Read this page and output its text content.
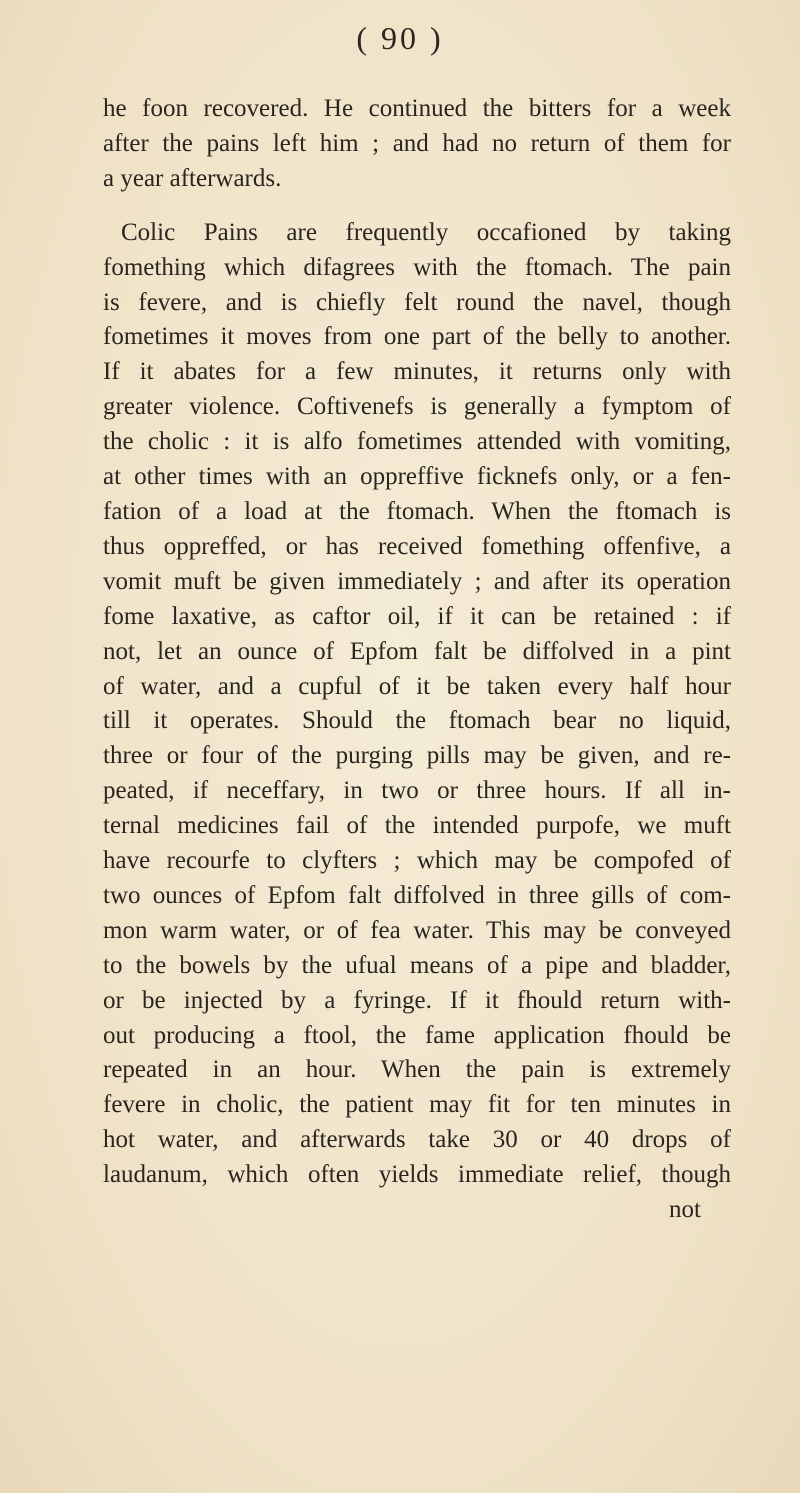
( 90 )
he foon recovered. He continued the bitters for a week
after the pains left him ; and had no return of them for
a year afterwards.
Colic Pains are frequently occafioned by taking
fomething which difagrees with the ftomach. The pain
is fevere, and is chiefly felt round the navel, though
fometimes it moves from one part of the belly to another.
If it abates for a few minutes, it returns only with
greater violence. Coftivenefs is generally a fymptom of
the cholic : it is alfo fometimes attended with vomiting,
at other times with an oppreffive ficknefs only, or a fen-
fation of a load at the ftomach. When the ftomach is
thus oppreffed, or has received fomething offenfive, a
vomit muft be given immediately ; and after its operation
fome laxative, as caftor oil, if it can be retained : if
not, let an ounce of Epfom falt be diffolved in a pint
of water, and a cupful of it be taken every half hour
till it operates. Should the ftomach bear no liquid,
three or four of the purging pills may be given, and re-
peated, if neceffary, in two or three hours. If all in-
ternal medicines fail of the intended purpofe, we muft
have recourfe to clyfters ; which may be compofed of
two ounces of Epfom falt diffolved in three gills of com-
mon warm water, or of fea water. This may be conveyed
to the bowels by the ufual means of a pipe and bladder,
or be injected by a fyringe. If it fhould return with-
out producing a ftool, the fame application fhould be
repeated in an hour. When the pain is extremely
fevere in cholic, the patient may fit for ten minutes in
hot water, and afterwards take 30 or 40 drops of
laudanum, which often yields immediate relief, though
not
